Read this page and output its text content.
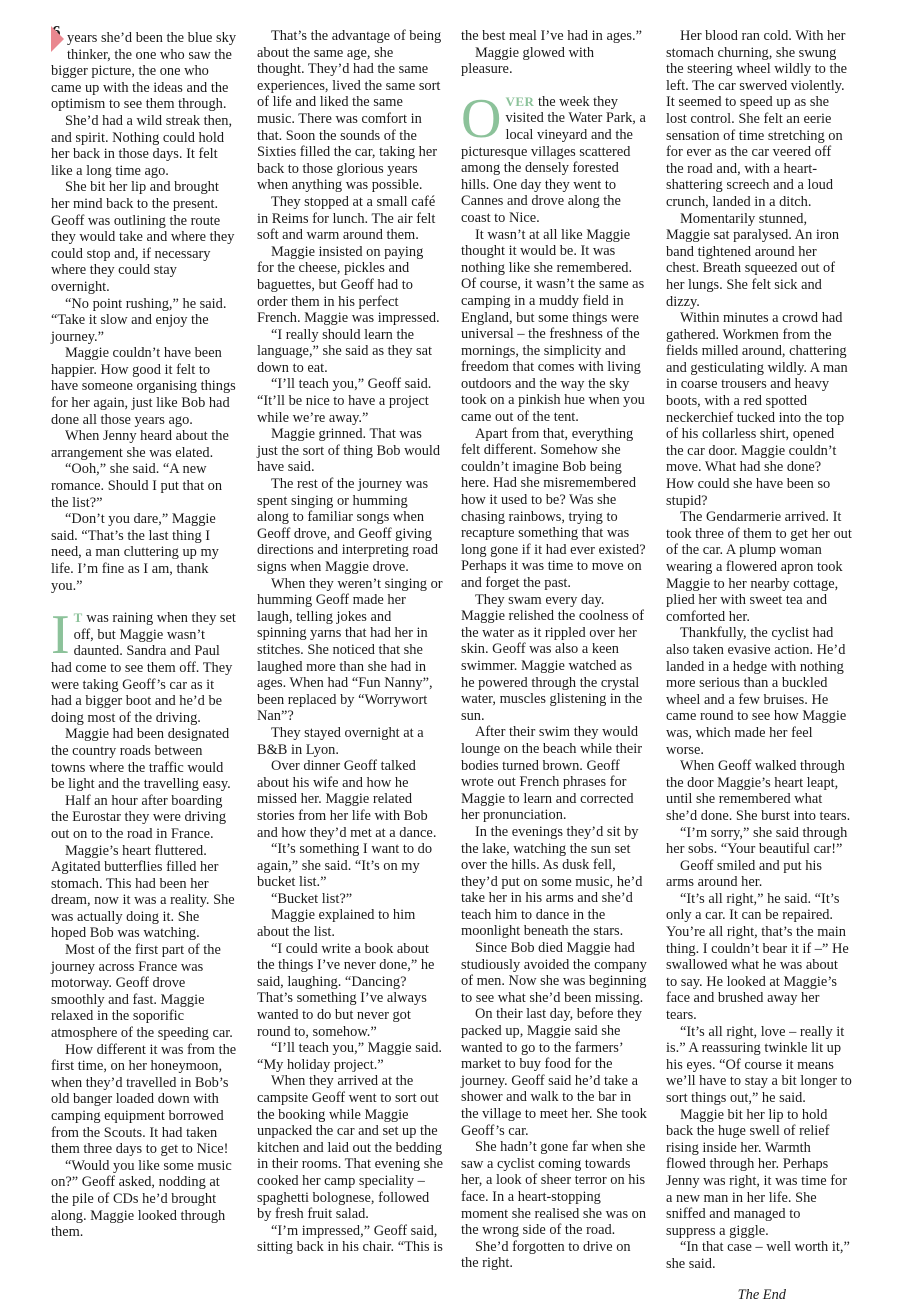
6 years she’d been the blue sky thinker, the one who saw the bigger picture, the one who came up with the ideas and the optimism to see them through.

She’d had a wild streak then, and spirit. Nothing could hold her back in those days. It felt like a long time ago.

She bit her lip and brought her mind back to the present. Geoff was outlining the route they would take and where they could stop and, if necessary where they could stay overnight.

“No point rushing,” he said. “Take it slow and enjoy the journey.”

Maggie couldn’t have been happier. How good it felt to have someone organising things for her again, just like Bob had done all those years ago.

When Jenny heard about the arrangement she was elated.

“Ooh,” she said. “A new romance. Should I put that on the list?”

“Don’t you dare,” Maggie said. “That’s the last thing I need, a man cluttering up my life. I’m fine as I am, thank you.”

I T was raining when they set off, but Maggie wasn’t daunted. Sandra and Paul had come to see them off. They were taking Geoff’s car as it had a bigger boot and he’d be doing most of the driving.

Maggie had been designated the country roads between towns where the traffic would be light and the travelling easy.

Half an hour after boarding the Eurostar they were driving out on to the road in France.

Maggie’s heart fluttered. Agitated butterflies filled her stomach. This had been her dream, now it was a reality. She was actually doing it. She hoped Bob was watching.

Most of the first part of the journey across France was motorway. Geoff drove smoothly and fast. Maggie relaxed in the soporific atmosphere of the speeding car.

How different it was from the first time, on her honeymoon, when they’d travelled in Bob’s old banger loaded down with camping equipment borrowed from the Scouts. It had taken them three days to get to Nice!

“Would you like some music on?” Geoff asked, nodding at the pile of CDs he’d brought along. Maggie looked through them.

That’s the advantage of being about the same age, she thought. They’d had the same experiences, lived the same sort of life and liked the same music. There was comfort in that. Soon the sounds of the Sixties filled the car, taking her back to those glorious years when anything was possible.

They stopped at a small café in Reims for lunch. The air felt soft and warm around them.

Maggie insisted on paying for the cheese, pickles and baguettes, but Geoff had to order them in his perfect French. Maggie was impressed.

“I really should learn the language,” she said as they sat down to eat.

“I’ll teach you,” Geoff said. “It’ll be nice to have a project while we’re away.”

Maggie grinned. That was just the sort of thing Bob would have said.

The rest of the journey was spent singing or humming along to familiar songs when Geoff drove, and Geoff giving directions and interpreting road signs when Maggie drove.

When they weren’t singing or humming Geoff made her laugh, telling jokes and spinning yarns that had her in stitches. She noticed that she laughed more than she had in ages. When had “Fun Nanny”, been replaced by “Worrywort Nan”?

They stayed overnight at a B&B in Lyon.

Over dinner Geoff talked about his wife and how he missed her. Maggie related stories from her life with Bob and how they’d met at a dance.

“It’s something I want to do again,” she said. “It’s on my bucket list.”

“Bucket list?”

Maggie explained to him about the list.

“I could write a book about the things I’ve never done,” he said, laughing. “Dancing? That’s something I’ve always wanted to do but never got round to, somehow.”

“I’ll teach you,” Maggie said. “My holiday project.”

When they arrived at the campsite Geoff went to sort out the booking while Maggie unpacked the car and set up the kitchen and laid out the bedding in their rooms. That evening she cooked her camp speciality – spaghetti bolognese, followed by fresh fruit salad.

“I’m impressed,” Geoff said, sitting back in his chair. “This is

the best meal I’ve had in ages.”

Maggie glowed with pleasure.

OVER the week they visited the Water Park, a local vineyard and the picturesque villages scattered among the densely forested hills. One day they went to Cannes and drove along the coast to Nice.

It wasn’t at all like Maggie thought it would be. It was nothing like she remembered. Of course, it wasn’t the same as camping in a muddy field in England, but some things were universal – the freshness of the mornings, the simplicity and freedom that comes with living outdoors and the way the sky took on a pinkish hue when you came out of the tent.

Apart from that, everything felt different. Somehow she couldn’t imagine Bob being here. Had she misremembered how it used to be? Was she chasing rainbows, trying to recapture something that was long gone if it had ever existed? Perhaps it was time to move on and forget the past.

They swam every day. Maggie relished the coolness of the water as it rippled over her skin. Geoff was also a keen swimmer. Maggie watched as he powered through the crystal water, muscles glistening in the sun.

After their swim they would lounge on the beach while their bodies turned brown. Geoff wrote out French phrases for Maggie to learn and corrected her pronunciation.

In the evenings they’d sit by the lake, watching the sun set over the hills. As dusk fell, they’d put on some music, he’d take her in his arms and she’d teach him to dance in the moonlight beneath the stars.

Since Bob died Maggie had studiously avoided the company of men. Now she was beginning to see what she’d been missing.

On their last day, before they packed up, Maggie said she wanted to go to the farmers’ market to buy food for the journey. Geoff said he’d take a shower and walk to the bar in the village to meet her. She took Geoff’s car.

She hadn’t gone far when she saw a cyclist coming towards her, a look of sheer terror on his face. In a heart-stopping moment she realised she was on the wrong side of the road.

She’d forgotten to drive on the right.

Her blood ran cold. With her stomach churning, she swung the steering wheel wildly to the left. The car swerved violently. It seemed to speed up as she lost control. She felt an eerie sensation of time stretching on for ever as the car veered off the road and, with a heart-shattering screech and a loud crunch, landed in a ditch.

Momentarily stunned, Maggie sat paralysed. An iron band tightened around her chest. Breath squeezed out of her lungs. She felt sick and dizzy.

Within minutes a crowd had gathered. Workmen from the fields milled around, chattering and gesticulating wildly. A man in coarse trousers and heavy boots, with a red spotted neckerchief tucked into the top of his collarless shirt, opened the car door. Maggie couldn’t move. What had she done? How could she have been so stupid?

The Gendarmerie arrived. It took three of them to get her out of the car. A plump woman wearing a flowered apron took Maggie to her nearby cottage, plied her with sweet tea and comforted her.

Thankfully, the cyclist had also taken evasive action. He’d landed in a hedge with nothing more serious than a buckled wheel and a few bruises. He came round to see how Maggie was, which made her feel worse.

When Geoff walked through the door Maggie’s heart leapt, until she remembered what she’d done. She burst into tears.

“I’m sorry,” she said through her sobs. “Your beautiful car!”

Geoff smiled and put his arms around her.

“It’s all right,” he said. “It’s only a car. It can be repaired. You’re all right, that’s the main thing. I couldn’t bear it if –” He swallowed what he was about to say. He looked at Maggie’s face and brushed away her tears.

“It’s all right, love – really it is.” A reassuring twinkle lit up his eyes. “Of course it means we’ll have to stay a bit longer to sort things out,” he said.

Maggie bit her lip to hold back the huge swell of relief rising inside her. Warmth flowed through her. Perhaps Jenny was right, it was time for a new man in her life. She sniffed and managed to suppress a giggle.

“In that case – well worth it,” she said.

The End
